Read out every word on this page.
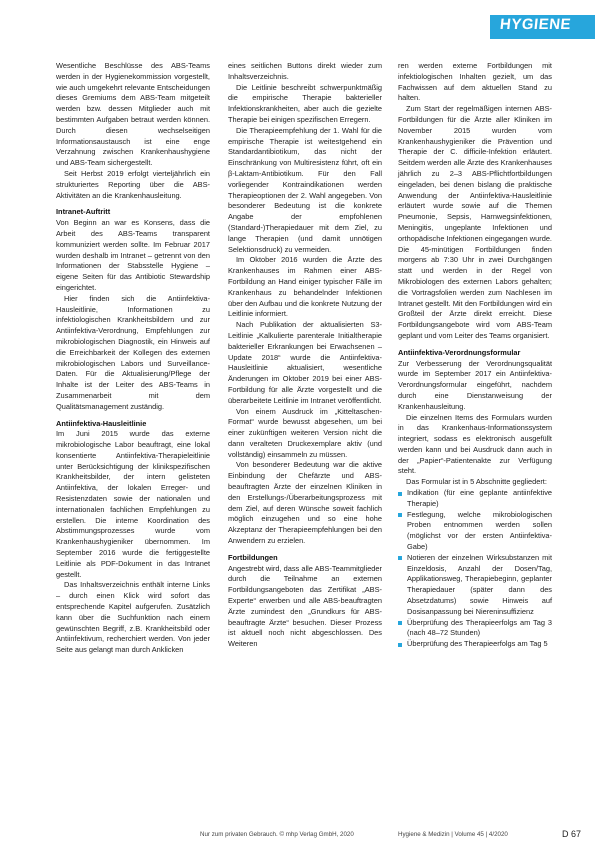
HYGIENE

Wesentliche Beschlüsse des ABS-Teams werden in der Hygienekommission vorgestellt, wie auch umgekehrt relevante Entscheidungen dieses Gremiums dem ABS-Team mitgeteilt werden bzw. dessen Mitglieder auch mit bestimmten Aufgaben betraut werden können. Durch diesen wechselseitigen Informationsaustausch ist eine enge Verzahnung zwischen Krankenhaushygiene und ABS-Team sichergestellt.

Seit Herbst 2019 erfolgt vierteljährlich ein strukturiertes Reporting über die ABS-Aktivitäten an die Krankenhausleitung.

Intranet-Auftritt

Von Beginn an war es Konsens, dass die Arbeit des ABS-Teams transparent kommuniziert werden sollte. Im Februar 2017 wurden deshalb im Intranet – getrennt von den Informationen der Stabsstelle Hygiene – eigene Seiten für das Antibiotic Stewardship eingerichtet.

Hier finden sich die Antiinfektiva-Hausleitlinie, Informationen zu infektiologischen Krankheitsbildern und zur Antiinfektiva-Verordnung, Empfehlungen zur mikrobiologischen Diagnostik, ein Hinweis auf die Erreichbarkeit der Kollegen des externen mikrobiologischen Labors und Surveillance-Daten. Für die Aktualisierung/Pflege der Inhalte ist der Leiter des ABS-Teams in Zusammenarbeit mit dem Qualitätsmanagement zuständig.

Antiinfektiva-Hausleitlinie

Im Juni 2015 wurde das externe mikrobiologische Labor beauftragt, eine lokal konsentierte Antiinfektiva-Therapieleitlinie unter Berücksichtigung der klinikspezifischen Krankheitsbilder, der intern gelisteten Antiinfektiva, der lokalen Erreger- und Resistenzdaten sowie der nationalen und internationalen fachlichen Empfehlungen zu erstellen. Die interne Koordination des Abstimmungsprozesses wurde vom Krankenhaushygieniker übernommen. Im September 2016 wurde die fertiggestellte Leitlinie als PDF-Dokument in das Intranet gestellt.

Das Inhaltsverzeichnis enthält interne Links – durch einen Klick wird sofort das entsprechende Kapitel aufgerufen. Zusätzlich kann über die Suchfunktion nach einem gewünschten Begriff, z.B. Krankheitsbild oder Antiinfektivum, recherchiert werden. Von jeder Seite aus gelangt man durch Anklicken

eines seitlichen Buttons direkt wieder zum Inhaltsverzeichnis.

Die Leitlinie beschreibt schwerpunktmäßig die empirische Therapie bakterieller Infektionskrankheiten, aber auch die gezielte Therapie bei einigen spezifischen Erregern.

Die Therapieempfehlung der 1. Wahl für die empirische Therapie ist weitestgehend ein Standardantibiotikum, das nicht der Einschränkung von Multiresistenz führt, oft ein β-Laktam-Antibiotikum. Für den Fall vorliegender Kontraindikationen werden Therapieoptionen der 2. Wahl angegeben. Von besonderer Bedeutung ist die konkrete Angabe der empfohlenen (Standard-)Therapiedauer mit dem Ziel, zu lange Therapien (und damit unnötigen Selektionsdruck) zu vermeiden.

Im Oktober 2016 wurden die Ärzte des Krankenhauses im Rahmen einer ABS-Fortbildung an Hand einiger typischer Fälle im Krankenhaus zu behandelnder Infektionen über den Aufbau und die konkrete Nutzung der Leitlinie informiert.

Nach Publikation der aktualisierten S3-Leitlinie „Kalkulierte parenterale Initialtherapie bakterieller Erkrankungen bei Erwachsenen – Update 2018“ wurde die Antiinfektiva-Hausleitlinie aktualisiert, wesentliche Änderungen im Oktober 2019 bei einer ABS-Fortbildung für alle Ärzte vorgestellt und die überarbeitete Leitlinie im Intranet veröffentlicht.

Von einem Ausdruck im „Kitteltaschen-Format“ wurde bewusst abgesehen, um bei einer zukünftigen weiteren Version nicht die dann veralteten Druckexemplare aktiv (und vollständig) einsammeln zu müssen.

Von besonderer Bedeutung war die aktive Einbindung der Chefärzte und ABS-beauftragten Ärzte der einzelnen Kliniken in den Erstellungs-/Überarbeitungsprozess mit dem Ziel, auf deren Wünsche soweit fachlich möglich einzugehen und so eine hohe Akzeptanz der Therapieempfehlungen bei den Anwendern zu erzielen.

Fortbildungen

Angestrebt wird, dass alle ABS-Teammitglieder durch die Teilnahme an externen Fortbildungsangeboten das Zertifikat „ABS-Experte“ erwerben und alle ABS-beauftragten Ärzte zumindest den „Grundkurs für ABS-beauftragte Ärzte“ besuchen. Dieser Prozess ist aktuell noch nicht abgeschlossen. Des Weiteren

ren werden externe Fortbildungen mit infektiologischen Inhalten gezielt, um das Fachwissen auf dem aktuellen Stand zu halten.

Zum Start der regelmäßigen internen ABS-Fortbildungen für die Ärzte aller Kliniken im November 2015 wurden vom Krankenhaushygieniker die Prävention und Therapie der C. difficile-Infektion erläutert. Seitdem werden alle Ärzte des Krankenhauses jährlich zu 2–3 ABS-Pflichtfortbildungen eingeladen, bei denen bislang die praktische Anwendung der Antiinfektiva-Hausleitlinie erläutert wurde sowie auf die Themen Pneumonie, Sepsis, Harnwegsinfektionen, Meningitis, ungeplante Infektionen und orthopädische Infektionen eingegangen wurde. Die 45-minütigen Fortbildungen finden morgens ab 7:30 Uhr in zwei Durchgängen statt und werden in der Regel von Mikrobiologen des externen Labors gehalten; die Vortragsfolien werden zum Nachlesen im Intranet gestellt. Mit den Fortbildungen wird ein Großteil der Ärzte direkt erreicht. Diese Fortbildungsangebote wird vom ABS-Team geplant und vom Leiter des Teams organisiert.

Antiinfektiva-Verordnungsformular

Zur Verbesserung der Verordnungsqualität wurde im September 2017 ein Antiinfektiva-Verordnungsformular eingeführt, nachdem durch eine Dienstanweisung der Krankenhausleitung.

Die einzelnen Items des Formulars wurden in das Krankenhaus-Informationssystem integriert, sodass es elektronisch ausgefüllt werden kann und bei Ausdruck dann auch in der „Papier“-Patientenakte zur Verfügung steht.

Das Formular ist in 5 Abschnitte gegliedert:

Indikation (für eine geplante antiinfektive Therapie)
Festlegung, welche mikrobiologischen Proben entnommen werden sollen (möglichst vor der ersten Antiinfektiva-Gabe)
Notieren der einzelnen Wirksubstanzen mit Einzeldosis, Anzahl der Dosen/Tag, Applikationsweg, Therapiebeginn, geplanter Therapiedauer (später dann des Absetzdatums) sowie Hinweis auf Dosisanpassung bei Niereninsuffizienz
Überprüfung des Therapieerfolgs am Tag 3 (nach 48–72 Stunden)
Überprüfung des Therapieerfolgs am Tag 5
Nur zum privaten Gebrauch. © mhp Verlag GmbH, 2020	Hygiene & Medizin | Volume 45 | 4/2020	D 67
